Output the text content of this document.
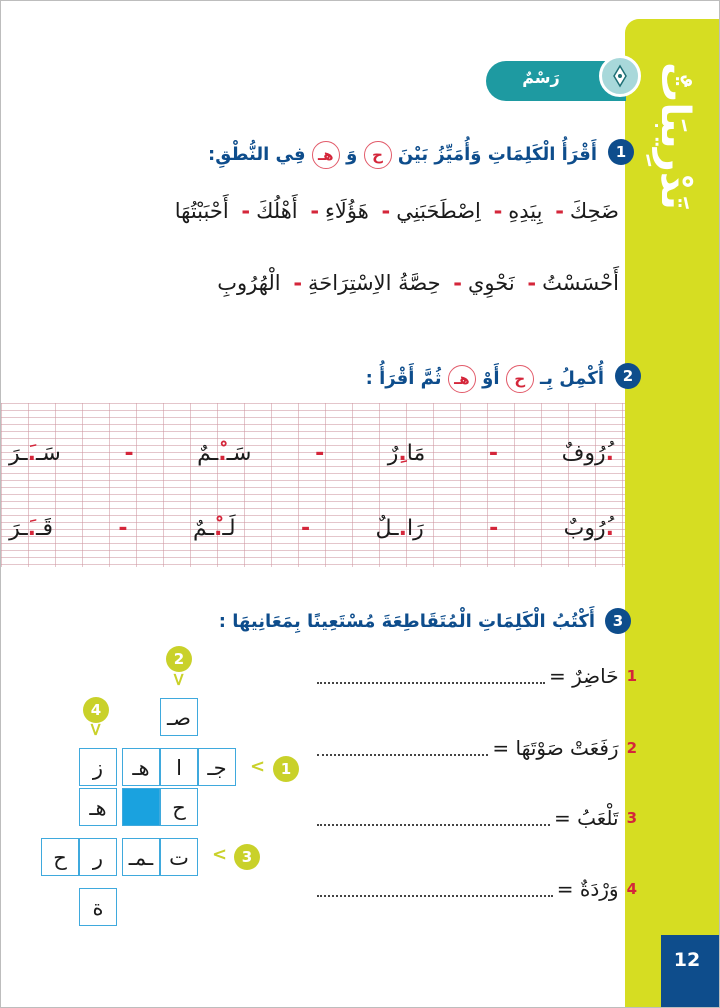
تَدْرِيبَاتٌ
12
رَسْمٌ
1
أَقْرَأُ الْكَلِمَاتِ وَأُمَيِّزُ بَيْنَ ح وَ هـ فِي النُّطْقِ:
ضَحِكَ- بِيَدِهِ- اِصْطَحَبَنِي- هَؤُلَاءِ- أَهْلُكَ- أَحْبَبْتُهَا
أَحْسَسْتُ- نَحْوِي- حِصَّةُ الاِسْتِرَاحَةِ- الْهُرُوبِ
2
أُكْمِلُ بِـ ح أَوْ هـ ثُمَّ أَقْرَأُ :
.ُرُوفٌ
-
مَا.ِرٌ
-
سَـ.ْـمٌ
-
سَـ.َـرَ
.ُرُوبٌ
-
رَا.ـلٌ
-
لَـ.ْـمٌ
-
قَـ.َـرَ
3
أَكْتُبُ الْكَلِمَاتِ الْمُتَقَاطِعَةَ مُسْتَعِينًا بِمَعَانِيهَا :
صـ
جـ
ا
هـ
ز
ح
هـ
ت
ـمـ
ر
ح
ة
2
>
4
>
1
<
3
<
1
حَاضِرٌ =
2
رَفَعَتْ صَوْتَهَا =
3
تَلْعَبُ =
4
وَرْدَةٌ =
